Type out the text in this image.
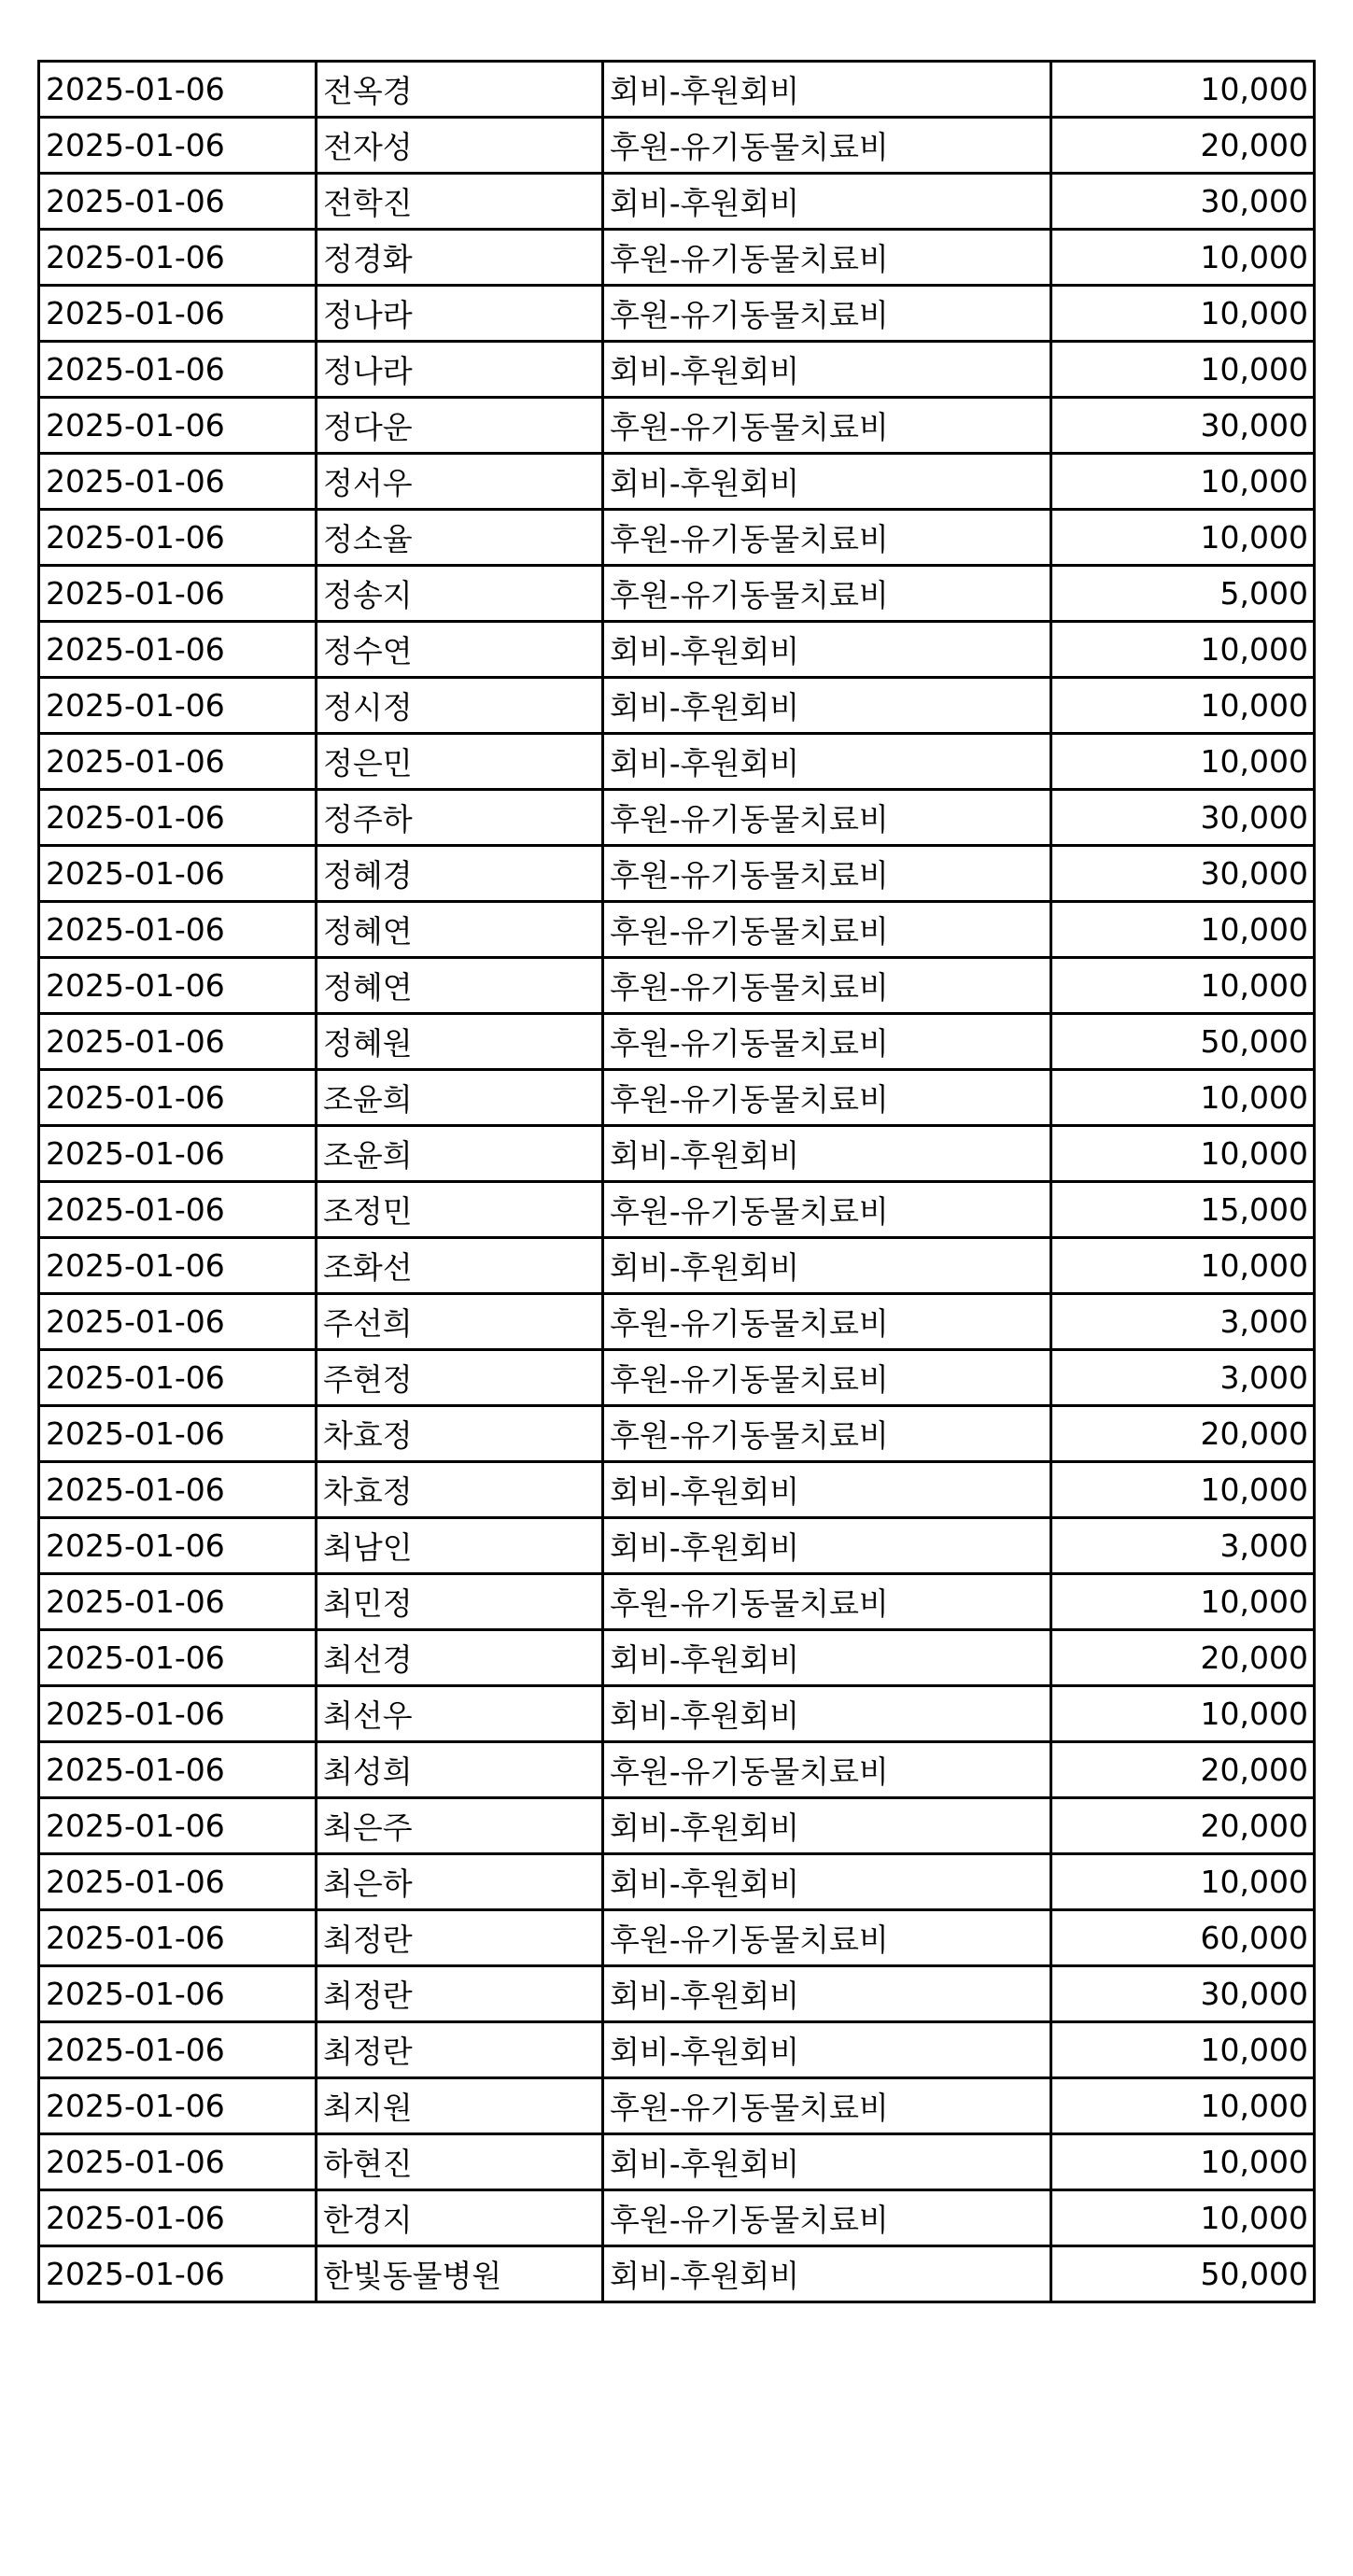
2025-01-06	전옥경	회비-후원회비	10,000
2025-01-06	전자성	후원-유기동물치료비	20,000
2025-01-06	전학진	회비-후원회비	30,000
2025-01-06	정경화	후원-유기동물치료비	10,000
2025-01-06	정나라	후원-유기동물치료비	10,000
2025-01-06	정나라	회비-후원회비	10,000
2025-01-06	정다운	후원-유기동물치료비	30,000
2025-01-06	정서우	회비-후원회비	10,000
2025-01-06	정소율	후원-유기동물치료비	10,000
2025-01-06	정송지	후원-유기동물치료비	5,000
2025-01-06	정수연	회비-후원회비	10,000
2025-01-06	정시정	회비-후원회비	10,000
2025-01-06	정은민	회비-후원회비	10,000
2025-01-06	정주하	후원-유기동물치료비	30,000
2025-01-06	정혜경	후원-유기동물치료비	30,000
2025-01-06	정혜연	후원-유기동물치료비	10,000
2025-01-06	정혜연	후원-유기동물치료비	10,000
2025-01-06	정혜원	후원-유기동물치료비	50,000
2025-01-06	조윤희	후원-유기동물치료비	10,000
2025-01-06	조윤희	회비-후원회비	10,000
2025-01-06	조정민	후원-유기동물치료비	15,000
2025-01-06	조화선	회비-후원회비	10,000
2025-01-06	주선희	후원-유기동물치료비	3,000
2025-01-06	주현정	후원-유기동물치료비	3,000
2025-01-06	차효정	후원-유기동물치료비	20,000
2025-01-06	차효정	회비-후원회비	10,000
2025-01-06	최남인	회비-후원회비	3,000
2025-01-06	최민정	후원-유기동물치료비	10,000
2025-01-06	최선경	회비-후원회비	20,000
2025-01-06	최선우	회비-후원회비	10,000
2025-01-06	최성희	후원-유기동물치료비	20,000
2025-01-06	최은주	회비-후원회비	20,000
2025-01-06	최은하	회비-후원회비	10,000
2025-01-06	최정란	후원-유기동물치료비	60,000
2025-01-06	최정란	회비-후원회비	30,000
2025-01-06	최정란	회비-후원회비	10,000
2025-01-06	최지원	후원-유기동물치료비	10,000
2025-01-06	하현진	회비-후원회비	10,000
2025-01-06	한경지	후원-유기동물치료비	10,000
2025-01-06	한빛동물병원	회비-후원회비	50,000
